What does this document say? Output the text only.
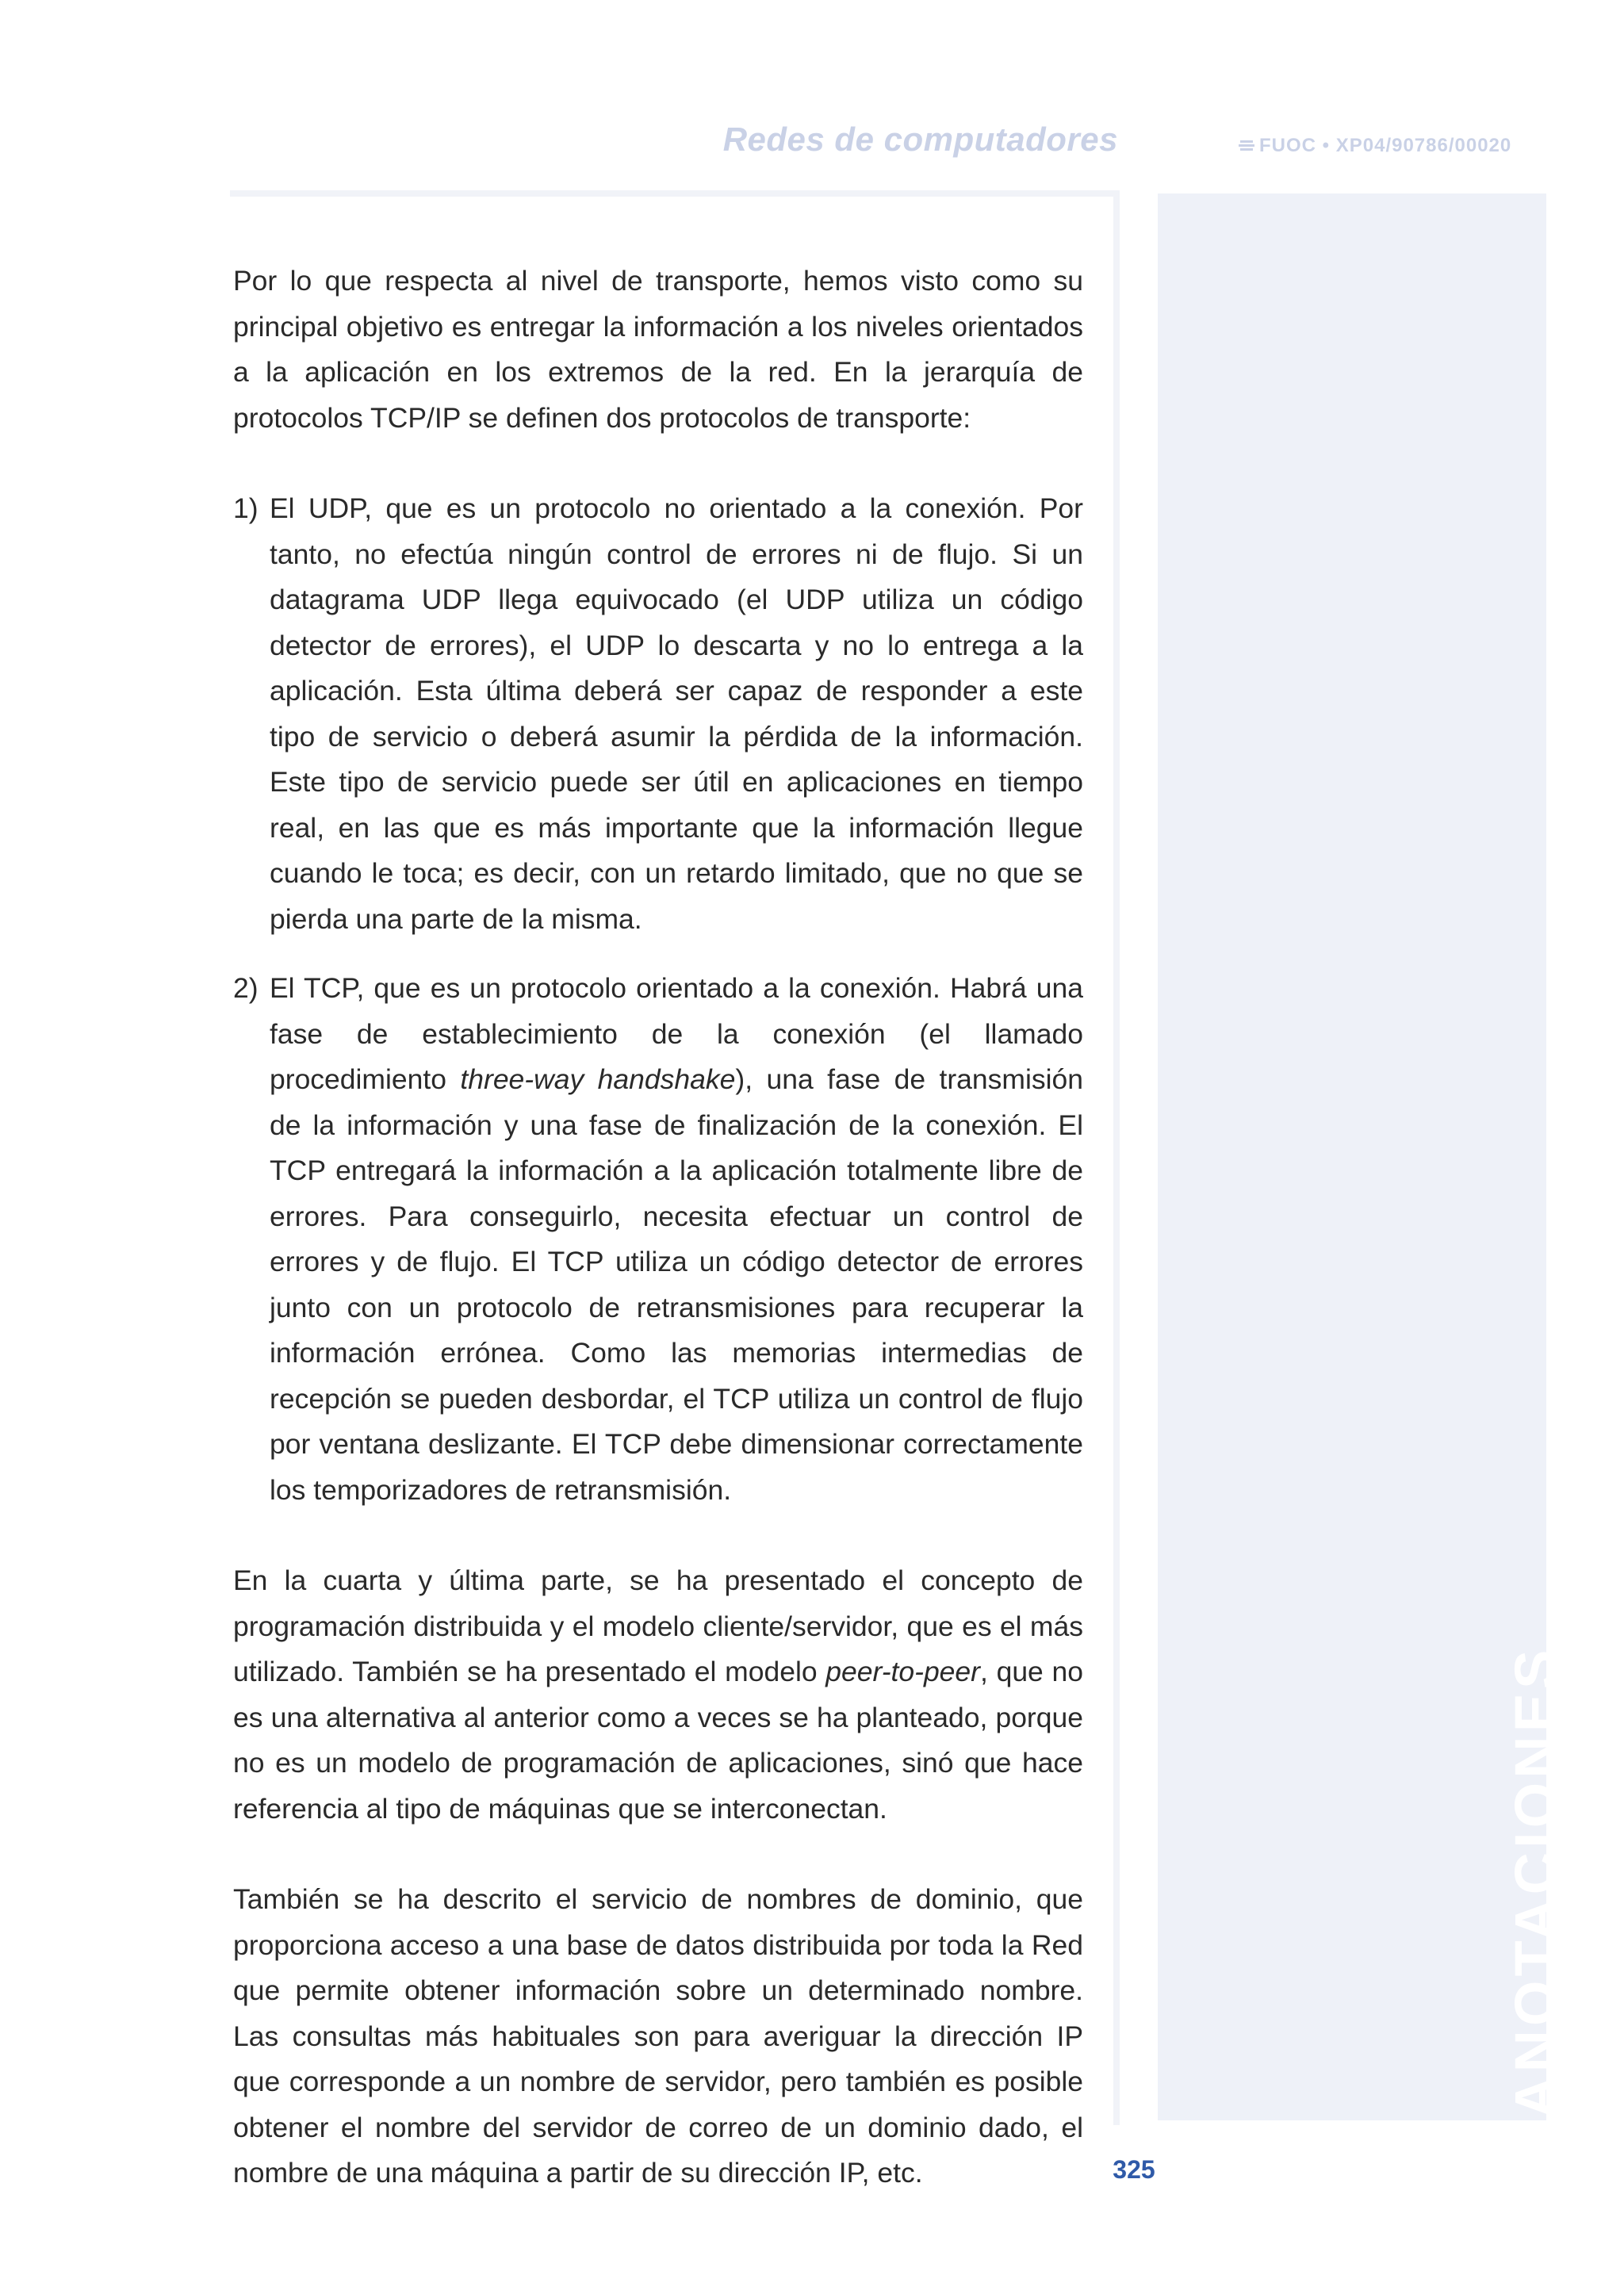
Redes de computadores	FUOC • XP04/90786/00020
ANOTACIONES

Por lo que respecta al nivel de transporte, hemos visto como su principal objetivo es entregar la información a los niveles orientados a la aplicación en los extremos de la red. En la jerarquía de protocolos TCP/IP se definen dos protocolos de transporte:

1) El UDP, que es un protocolo no orientado a la conexión. Por tanto, no efectúa ningún control de errores ni de flujo. Si un datagrama UDP llega equivocado (el UDP utiliza un código detector de errores), el UDP lo descarta y no lo entrega a la aplicación. Esta última deberá ser capaz de responder a este tipo de servicio o deberá asumir la pérdida de la información. Este tipo de servicio puede ser útil en aplicaciones en tiempo real, en las que es más importante que la información llegue cuando le toca; es decir, con un retardo limitado, que no que se pierda una parte de la misma.
2) El TCP, que es un protocolo orientado a la conexión. Habrá una fase de establecimiento de la conexión (el llamado procedimiento three-way handshake), una fase de transmisión de la información y una fase de finalización de la conexión. El TCP entregará la información a la aplicación totalmente libre de errores. Para conseguirlo, necesita efectuar un control de errores y de flujo. El TCP utiliza un código detector de errores junto con un protocolo de retransmisiones para recuperar la información errónea. Como las memorias intermedias de recepción se pueden desbordar, el TCP utiliza un control de flujo por ventana deslizante. El TCP debe dimensionar correctamente los temporizadores de retransmisión.

En la cuarta y última parte, se ha presentado el concepto de programación distribuida y el modelo cliente/servidor, que es el más utilizado. También se ha presentado el modelo peer-to-peer, que no es una alternativa al anterior como a veces se ha planteado, porque no es un modelo de programación de aplicaciones, sinó que hace referencia al tipo de máquinas que se interconectan.

También se ha descrito el servicio de nombres de dominio, que proporciona acceso a una base de datos distribuida por toda la Red que permite obtener información sobre un determinado nombre. Las consultas más habituales son para averiguar la dirección IP que corresponde a un nombre de servidor, pero también es posible obtener el nombre del servidor de correo de un dominio dado, el nombre de una máquina a partir de su dirección IP, etc.	325
